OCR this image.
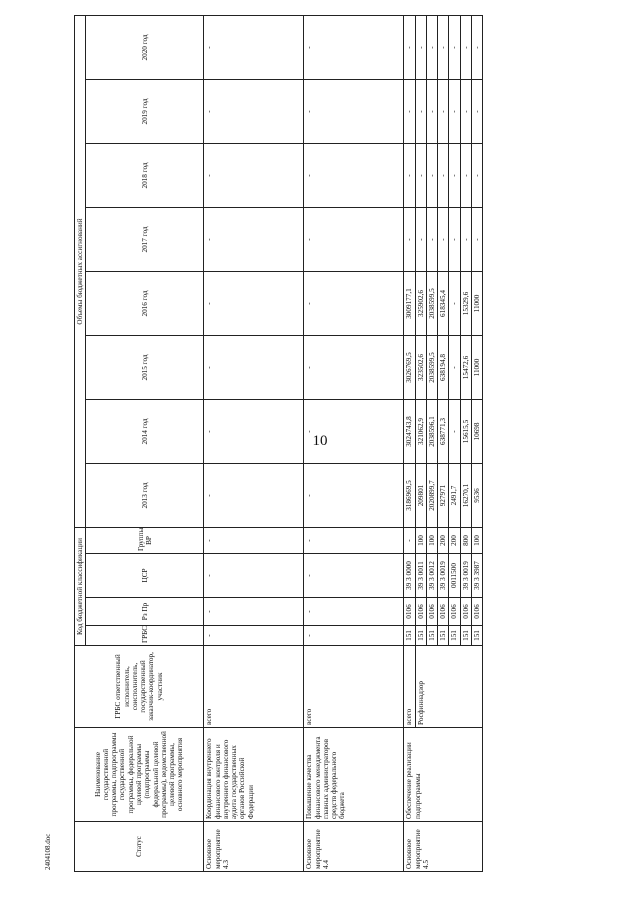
10
2404108.doc	Статус	Наименование государственной программы, подпрограммы государственной программы, федеральной целевой программы (подпрограммы федеральной целевой программы), ведомственной целевой программы, основного мероприятия	ГРБС ответственный исполнитель, соисполнитель, государственный заказчик-координатор, участник	Код бюджетной классификации				Объемы бюджетных ассигнований							
			ГРБС	Рз Пр	ЦСР	Группы ВР	2013 год	2014 год	2015 год	2016 год	2017 год	2018 год	2019 год	2020 год
Основное мероприятие 4.3	Координация внутреннего финансового контроля и внутреннего финансового аудита государственных органов Российской Федерации	всего	-	-	-	-	-	-	-	-	-	-	-	-
Основное мероприятие 4.4	Повышение качества финансового менеджмента главных администраторов средств федерального бюджета	всего	-	-	-	-	-	-	-	-	-	-	-	-
Основное мероприятие 4.5	Обеспечение реализации подпрограммы	всего	151	0106	39 3 0000	-	3186969,5	3024743,8	3026769,5	3009177,1	-	-	-	-
		Росфиннадзор	151	0106	39 3 0011	100	209801	321062,9	323502,6	325902,6	-	-	-	-
			151	0106	39 3 0012	100	2020899,7	2038596,1	2038599,5	2038599,5	-	-	-	-
			151	0106	39 3 0019	200	927971	638771,3	638194,8	618345,4	-	-	-	-
			151	0106	0011500	200	2491,7	-	-	-	-	-	-	-
			151	0106	39 3 0019	800	16270,1	15615,5	15472,6	15329,6	-	-	-	-
			151	0106	39 3 3987	100	9536	10698	11000	11000	-	-	-	-
